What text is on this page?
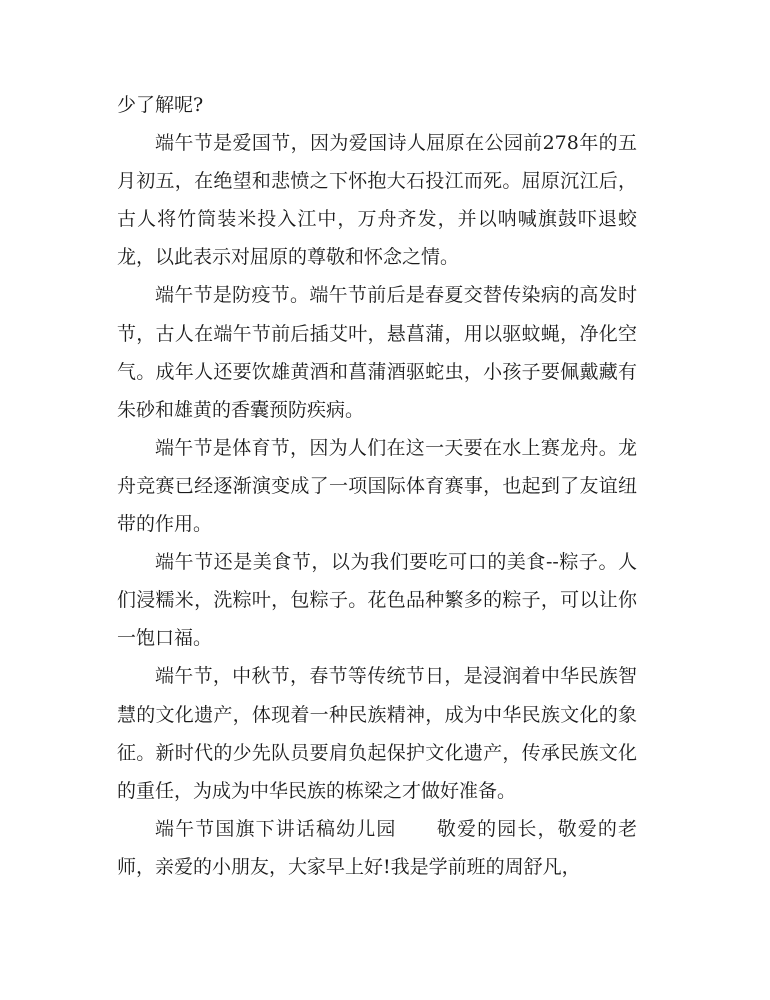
少了解呢?

端午节是爱国节，因为爱国诗人屈原在公园前278年的五月初五，在绝望和悲愤之下怀抱大石投江而死。屈原沉江后，古人将竹筒装米投入江中，万舟齐发，并以呐喊旗鼓吓退蛟龙，以此表示对屈原的尊敬和怀念之情。

端午节是防疫节。端午节前后是春夏交替传染病的高发时节，古人在端午节前后插艾叶，悬菖蒲，用以驱蚊蝇，净化空气。成年人还要饮雄黄酒和菖蒲酒驱蛇虫，小孩子要佩戴藏有朱砂和雄黄的香囊预防疾病。

端午节是体育节，因为人们在这一天要在水上赛龙舟。龙舟竞赛已经逐渐演变成了一项国际体育赛事，也起到了友谊纽带的作用。

端午节还是美食节，以为我们要吃可口的美食--粽子。人们浸糯米，洗粽叶，包粽子。花色品种繁多的粽子，可以让你一饱口福。

端午节，中秋节，春节等传统节日，是浸润着中华民族智慧的文化遗产，体现着一种民族精神，成为中华民族文化的象征。新时代的少先队员要肩负起保护文化遗产，传承民族文化的重任，为成为中华民族的栋梁之才做好准备。

端午节国旗下讲话稿幼儿园　　敬爱的园长，敬爱的老师，亲爱的小朋友，大家早上好!我是学前班的周舒凡，
